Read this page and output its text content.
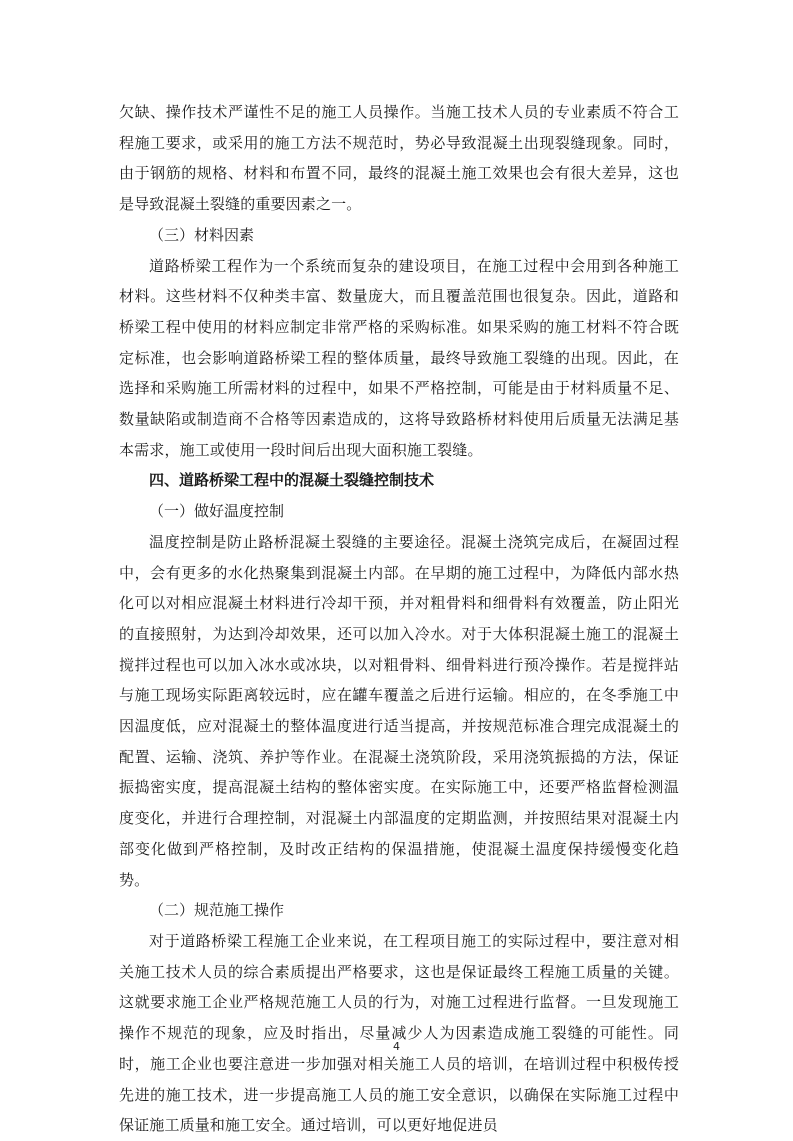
欠缺、操作技术严谨性不足的施工人员操作。当施工技术人员的专业素质不符合工程施工要求，或采用的施工方法不规范时，势必导致混凝土出现裂缝现象。同时，由于钢筋的规格、材料和布置不同，最终的混凝土施工效果也会有很大差异，这也是导致混凝土裂缝的重要因素之一。

（三）材料因素

道路桥梁工程作为一个系统而复杂的建设项目，在施工过程中会用到各种施工材料。这些材料不仅种类丰富、数量庞大，而且覆盖范围也很复杂。因此，道路和桥梁工程中使用的材料应制定非常严格的采购标准。如果采购的施工材料不符合既定标准，也会影响道路桥梁工程的整体质量，最终导致施工裂缝的出现。因此，在选择和采购施工所需材料的过程中，如果不严格控制，可能是由于材料质量不足、数量缺陷或制造商不合格等因素造成的，这将导致路桥材料使用后质量无法满足基本需求，施工或使用一段时间后出现大面积施工裂缝。

四、道路桥梁工程中的混凝土裂缝控制技术

（一）做好温度控制

温度控制是防止路桥混凝土裂缝的主要途径。混凝土浇筑完成后，在凝固过程中，会有更多的水化热聚集到混凝土内部。在早期的施工过程中，为降低内部水热化可以对相应混凝土材料进行冷却干预，并对粗骨料和细骨料有效覆盖，防止阳光的直接照射，为达到冷却效果，还可以加入冷水。对于大体积混凝土施工的混凝土搅拌过程也可以加入冰水或冰块，以对粗骨料、细骨料进行预冷操作。若是搅拌站与施工现场实际距离较远时，应在罐车覆盖之后进行运输。相应的，在冬季施工中因温度低，应对混凝土的整体温度进行适当提高，并按规范标准合理完成混凝土的配置、运输、浇筑、养护等作业。在混凝土浇筑阶段，采用浇筑振捣的方法，保证振捣密实度，提高混凝土结构的整体密实度。在实际施工中，还要严格监督检测温度变化，并进行合理控制，对混凝土内部温度的定期监测，并按照结果对混凝土内部变化做到严格控制，及时改正结构的保温措施，使混凝土温度保持缓慢变化趋势。

（二）规范施工操作

对于道路桥梁工程施工企业来说，在工程项目施工的实际过程中，要注意对相关施工技术人员的综合素质提出严格要求，这也是保证最终工程施工质量的关键。这就要求施工企业严格规范施工人员的行为，对施工过程进行监督。一旦发现施工操作不规范的现象，应及时指出，尽量减少人为因素造成施工裂缝的可能性。同时，施工企业也要注意进一步加强对相关施工人员的培训，在培训过程中积极传授先进的施工技术，进一步提高施工人员的施工安全意识，以确保在实际施工过程中保证施工质量和施工安全。通过培训，可以更好地促进员

4
